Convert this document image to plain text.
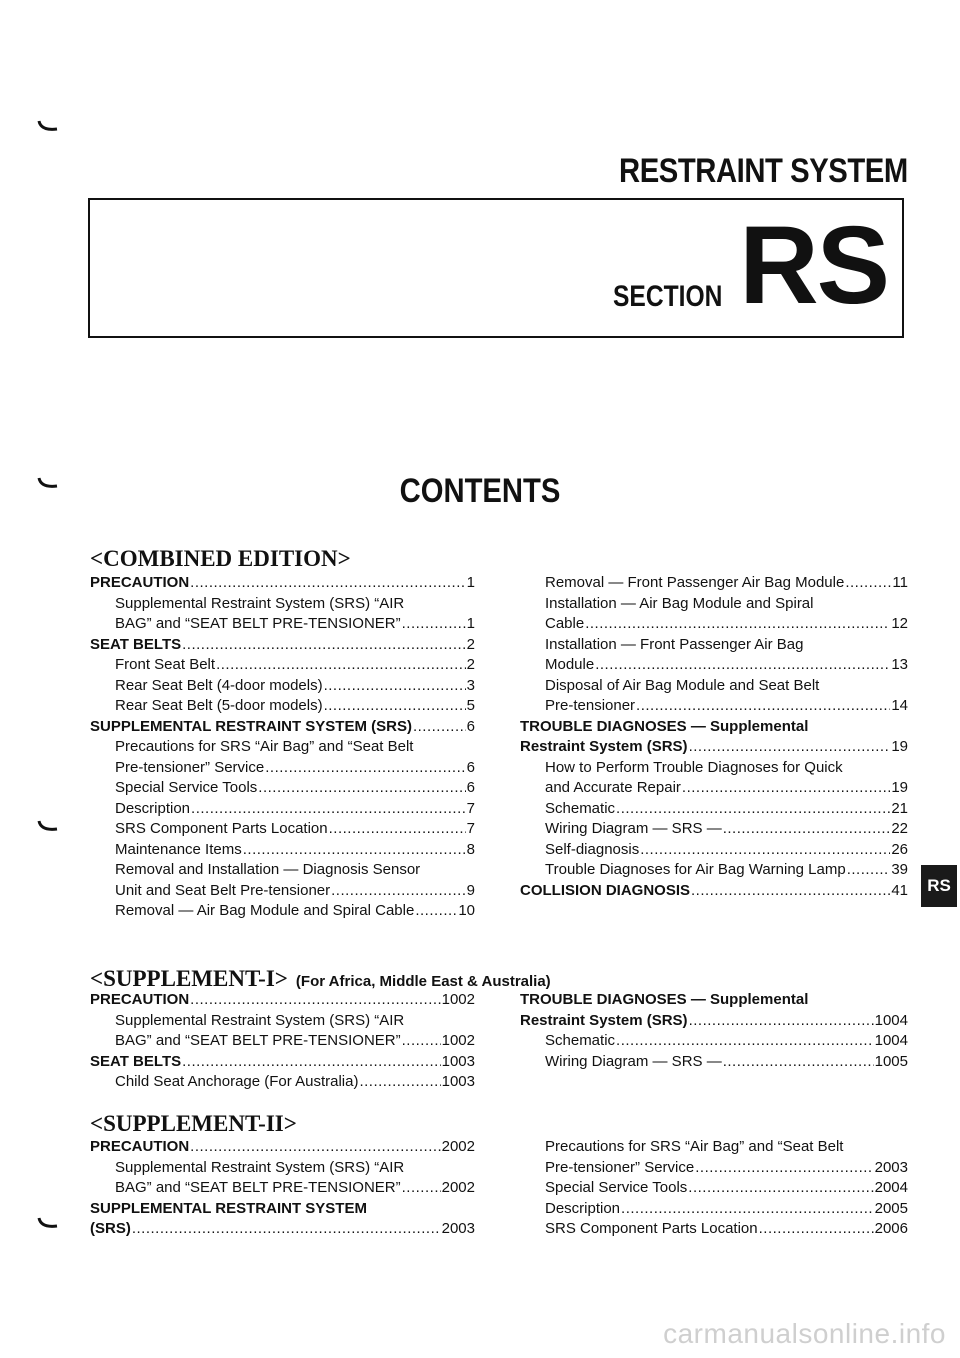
RESTRAINT SYSTEM
SECTION RS
CONTENTS
<COMBINED EDITION>
PRECAUTION .....	1
Supplemental Restraint System (SRS) “AIR
BAG” and “SEAT BELT PRE-TENSIONER” .....	1
SEAT BELTS .....	2
Front Seat Belt .....	2
Rear Seat Belt (4-door models) .....	3
Rear Seat Belt (5-door models) .....	5
SUPPLEMENTAL RESTRAINT SYSTEM (SRS) .....	6
Precautions for SRS “Air Bag” and “Seat Belt
Pre-tensioner” Service .....	6
Special Service Tools .....	6
Description .....	7
SRS Component Parts Location .....	7
Maintenance Items .....	8
Removal and Installation — Diagnosis Sensor
Unit and Seat Belt Pre-tensioner .....	9
Removal — Air Bag Module and Spiral Cable .....	10
Removal — Front Passenger Air Bag Module .....	11
Installation — Air Bag Module and Spiral
Cable .....	12
Installation — Front Passenger Air Bag
Module .....	13
Disposal of Air Bag Module and Seat Belt
Pre-tensioner .....	14
TROUBLE DIAGNOSES — Supplemental
Restraint System (SRS) .....	19
How to Perform Trouble Diagnoses for Quick
and Accurate Repair .....	19
Schematic .....	21
Wiring Diagram — SRS — .....	22
Self-diagnosis .....	26
Trouble Diagnoses for Air Bag Warning Lamp .....	39
COLLISION DIAGNOSIS .....	41
<SUPPLEMENT-I> (For Africa, Middle East & Australia)
PRECAUTION .....	1002
Supplemental Restraint System (SRS) “AIR
BAG” and “SEAT BELT PRE-TENSIONER” .....	1002
SEAT BELTS .....	1003
Child Seat Anchorage (For Australia) .....	1003
TROUBLE DIAGNOSES — Supplemental
Restraint System (SRS) .....	1004
Schematic .....	1004
Wiring Diagram — SRS — .....	1005
<SUPPLEMENT-II>
PRECAUTION .....	2002
Supplemental Restraint System (SRS) “AIR
BAG” and “SEAT BELT PRE-TENSIONER” .....	2002
SUPPLEMENTAL RESTRAINT SYSTEM
(SRS) .....	2003
Precautions for SRS “Air Bag” and “Seat Belt
Pre-tensioner” Service .....	2003
Special Service Tools .....	2004
Description .....	2005
SRS Component Parts Location .....	2006
RS
carmanualsonline.info
